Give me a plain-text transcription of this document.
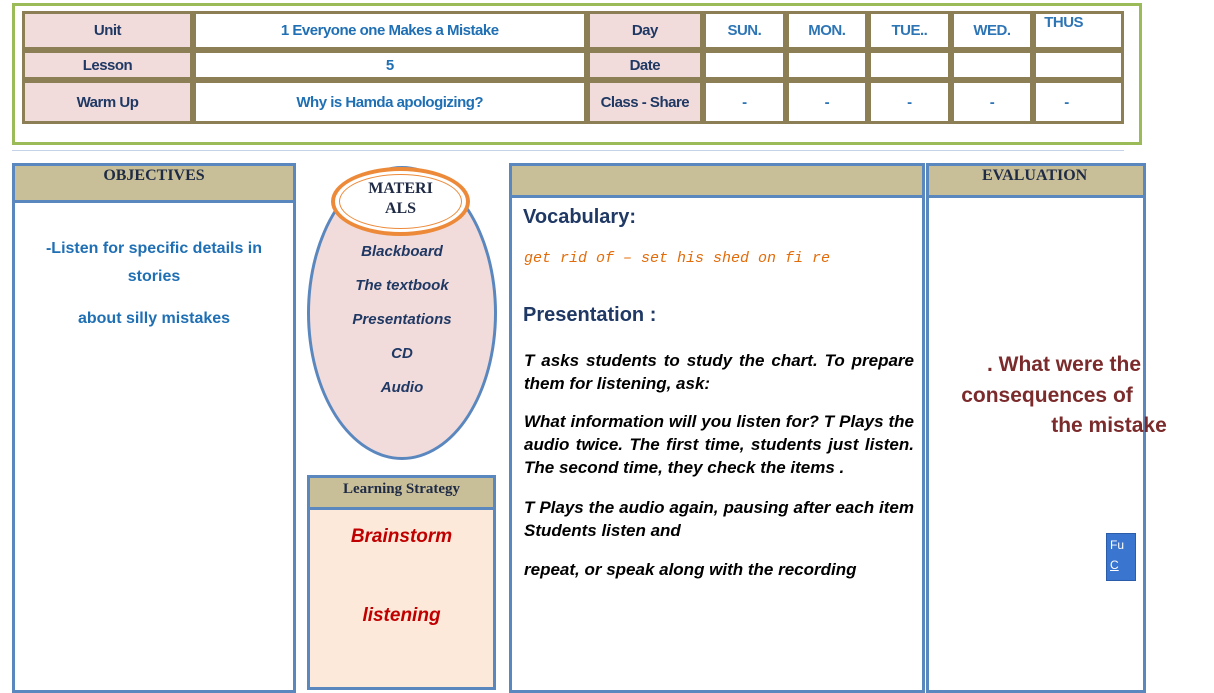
Unit	1 Everyone one Makes a Mistake	Day	SUN.	MON.	TUE..	WED.	THUS
Lesson	5	Date					
Warm Up	Why is Hamda apologizing?	Class - Share	-	-	-	-	-
OBJECTIVES
-Listen for specific details in
stories
about silly mistakes
MATERI
ALS
Blackboard
The textbook
Presentations
CD
Audio
Learning Strategy
Brainstorm
listening
Vocabulary:
get rid of – set his shed on fi re
Presentation :
T asks students to study the chart. To prepare them for listening, ask:
What information will you listen for? T Plays the audio twice. The first time, students just listen. The second time, they check the items .
T Plays the audio again, pausing after each item Students listen and
repeat, or speak along with the recording
EVALUATION
. What were the
consequences of
the mistake
Fu
C
